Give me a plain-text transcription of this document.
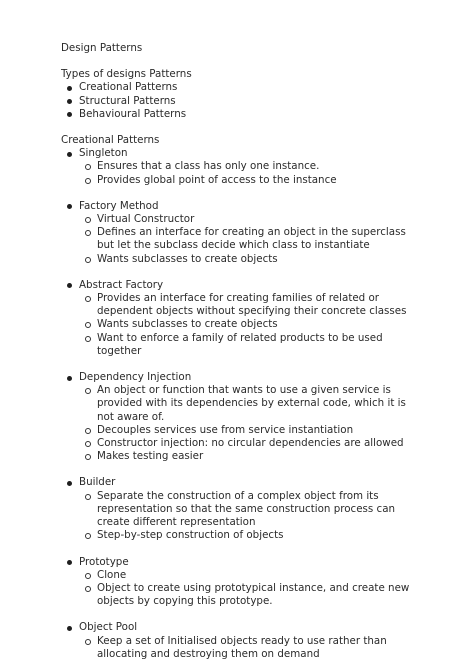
Design Patterns
Types of designs Patterns
Creational Patterns
Structural Patterns
Behavioural Patterns
Creational Patterns
Singleton
Ensures that a class has only one instance.
Provides global point of access to the instance
Factory Method
Virtual Constructor
Defines an interface for creating an object in the superclass but let the subclass decide which class to instantiate
Wants subclasses to create objects
Abstract Factory
Provides an interface for creating families of related or dependent objects without specifying their concrete classes
Wants subclasses to create objects
Want to enforce a family of related products to be used together
Dependency Injection
An object or function that wants to use a given service is provided with its dependencies by external code, which it is not aware of.
Decouples services use from service instantiation
Constructor injection: no circular dependencies are allowed
Makes testing easier
Builder
Separate the construction of a complex object from its representation so that the same construction process can create different representation
Step-by-step construction of objects
Prototype
Clone
Object to create using prototypical instance, and create new objects by copying this prototype.
Object Pool
Keep a set of Initialised objects ready to use rather than allocating and destroying them on demand
